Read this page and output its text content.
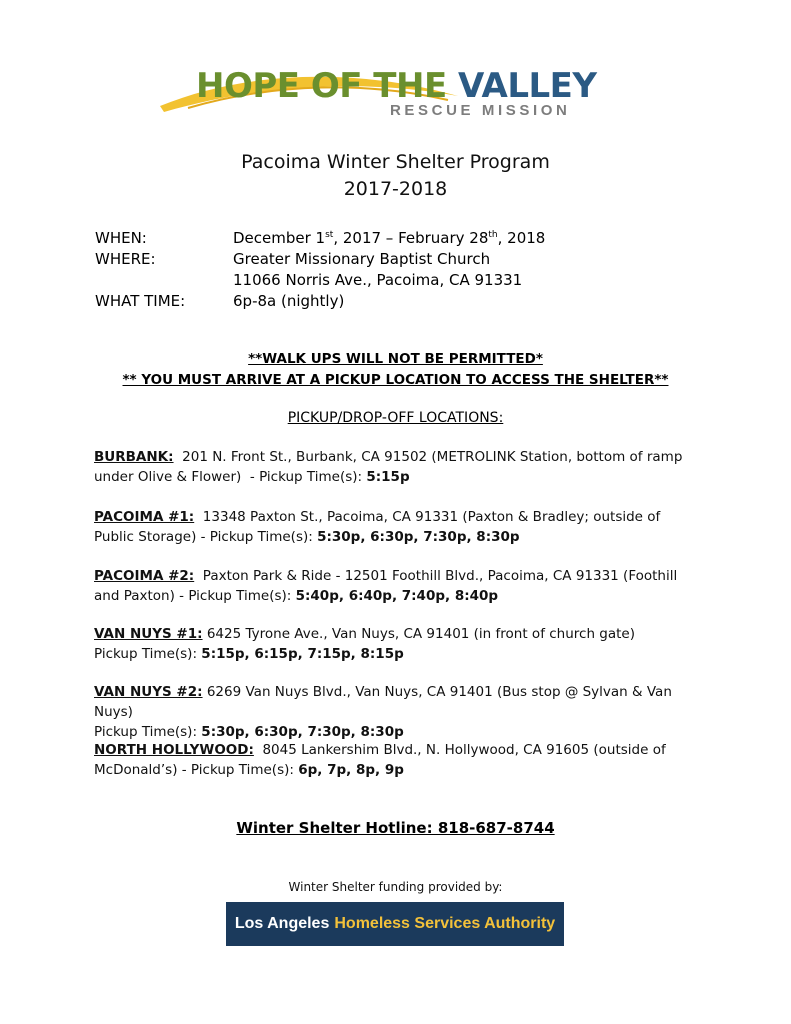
HOPE OF THE VALLEY
RESCUE MISSION
Pacoima Winter Shelter Program
2017-2018
WHEN:	December 1st, 2017 – February 28th, 2018
WHERE:	Greater Missionary Baptist Church
11066 Norris Ave., Pacoima, CA 91331
WHAT TIME:	6p-8a (nightly)
**WALK UPS WILL NOT BE PERMITTED*
** YOU MUST ARRIVE AT A PICKUP LOCATION TO ACCESS THE SHELTER**
PICKUP/DROP-OFF LOCATIONS:
BURBANK: 201 N. Front St., Burbank, CA 91502 (METROLINK Station, bottom of ramp under Olive & Flower) - Pickup Time(s): 5:15p
PACOIMA #1: 13348 Paxton St., Pacoima, CA 91331 (Paxton & Bradley; outside of Public Storage) - Pickup Time(s): 5:30p, 6:30p, 7:30p, 8:30p
PACOIMA #2: Paxton Park & Ride - 12501 Foothill Blvd., Pacoima, CA 91331 (Foothill and Paxton) - Pickup Time(s): 5:40p, 6:40p, 7:40p, 8:40p
VAN NUYS #1: 6425 Tyrone Ave., Van Nuys, CA 91401 (in front of church gate)
Pickup Time(s): 5:15p, 6:15p, 7:15p, 8:15p
VAN NUYS #2: 6269 Van Nuys Blvd., Van Nuys, CA 91401 (Bus stop @ Sylvan & Van Nuys)
Pickup Time(s): 5:30p, 6:30p, 7:30p, 8:30p
NORTH HOLLYWOOD: 8045 Lankershim Blvd., N. Hollywood, CA 91605 (outside of McDonald’s) - Pickup Time(s): 6p, 7p, 8p, 9p
Winter Shelter Hotline: 818-687-8744
Winter Shelter funding provided by:
Los Angeles Homeless Services Authority
